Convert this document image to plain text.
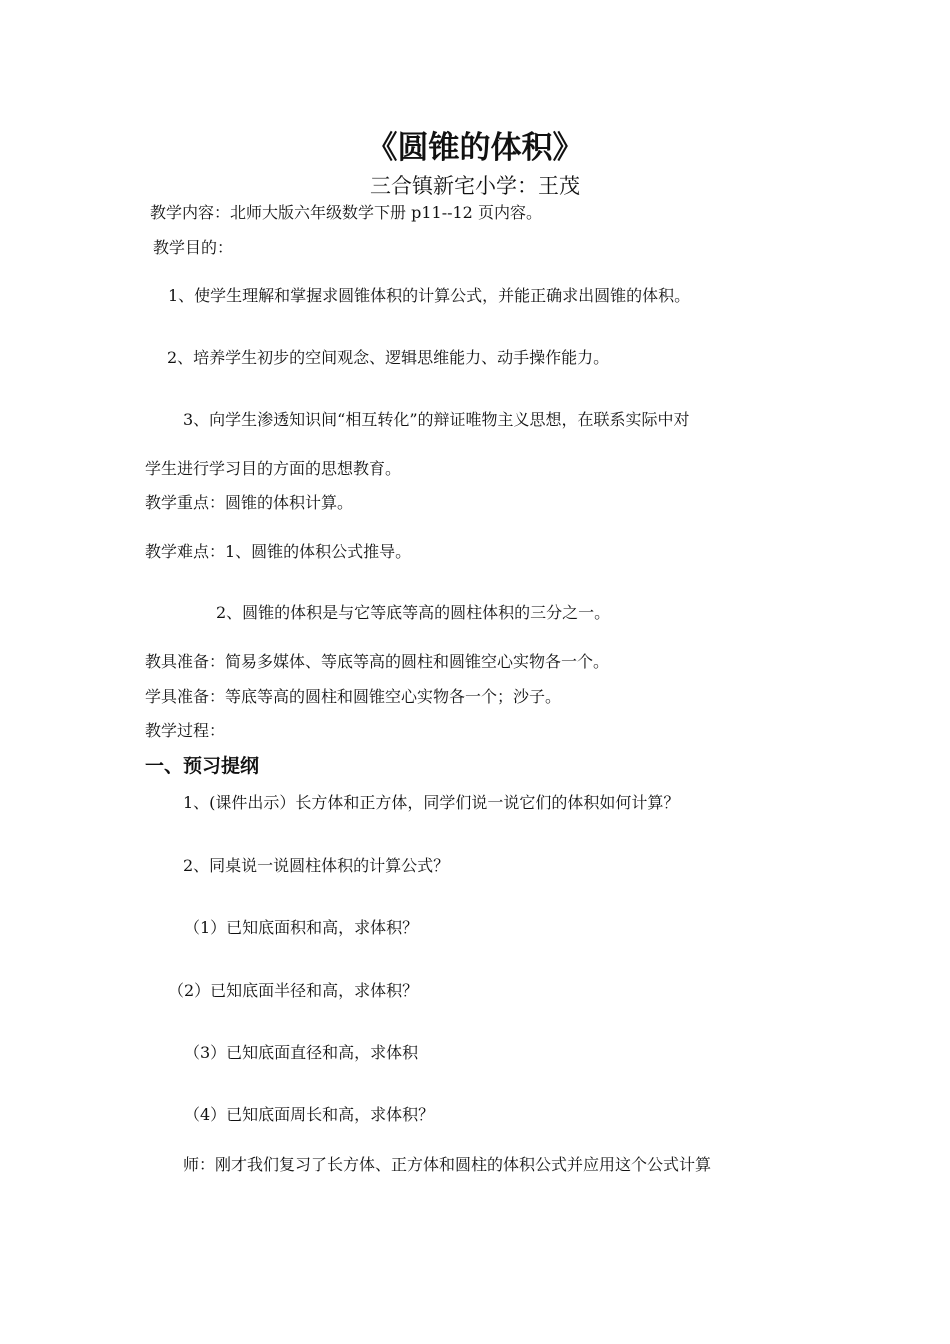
《圆锥的体积》
三合镇新宅小学：王茂
教学内容：北师大版六年级数学下册 p11--12 页内容。
教学目的：
1、使学生理解和掌握求圆锥体积的计算公式，并能正确求出圆锥的体积。
2、培养学生初步的空间观念、逻辑思维能力、动手操作能力。
3、向学生渗透知识间“相互转化”的辩证唯物主义思想，在联系实际中对
学生进行学习目的方面的思想教育。
教学重点：圆锥的体积计算。
教学难点：1、圆锥的体积公式推导。
2、圆锥的体积是与它等底等高的圆柱体积的三分之一。
教具准备：简易多媒体、等底等高的圆柱和圆锥空心实物各一个。
学具准备：等底等高的圆柱和圆锥空心实物各一个；沙子。
教学过程：
一、预习提纲
1、(课件出示）长方体和正方体，同学们说一说它们的体积如何计算？
2、同桌说一说圆柱体积的计算公式？
（1）已知底面积和高，求体积？
（2）已知底面半径和高，求体积？
（3）已知底面直径和高，求体积
（4）已知底面周长和高，求体积？
师：刚才我们复习了长方体、正方体和圆柱的体积公式并应用这个公式计算
